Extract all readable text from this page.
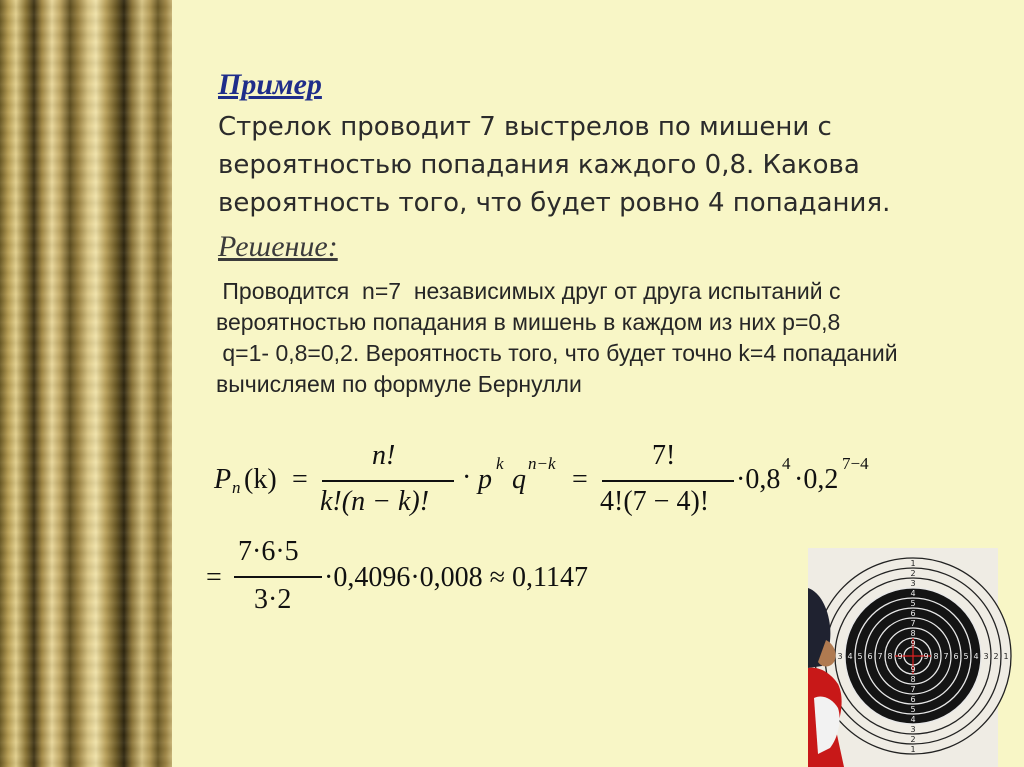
Пример
Стрелок проводит 7 выстрелов по мишени с
вероятностью попадания каждого 0,8. Какова
вероятность того, что будет ровно 4 попадания.
Решение:
Проводится  n=7  независимых друг от друга испытаний с
вероятностью попадания в мишень в каждом из них p=0,8
q=1- 0,8=0,2. Вероятность того, что будет точно k=4 попаданий
вычисляем по формуле Бернулли
P n (k) =
n!
k!(n − k)!
· p
k
q
n−k
=
7!
4!(7 − 4)!
·0,8
4
·0,2
7−4
=
7·6·5
3·2
·0,4096·0,008 ≈ 0,1147	1
1
1
2
2
2
3
3
3	3
4
4
4	4
5
5
5	5
6
6
6	6
7
7
7	7
8
8
8	8
9
9
9	9
